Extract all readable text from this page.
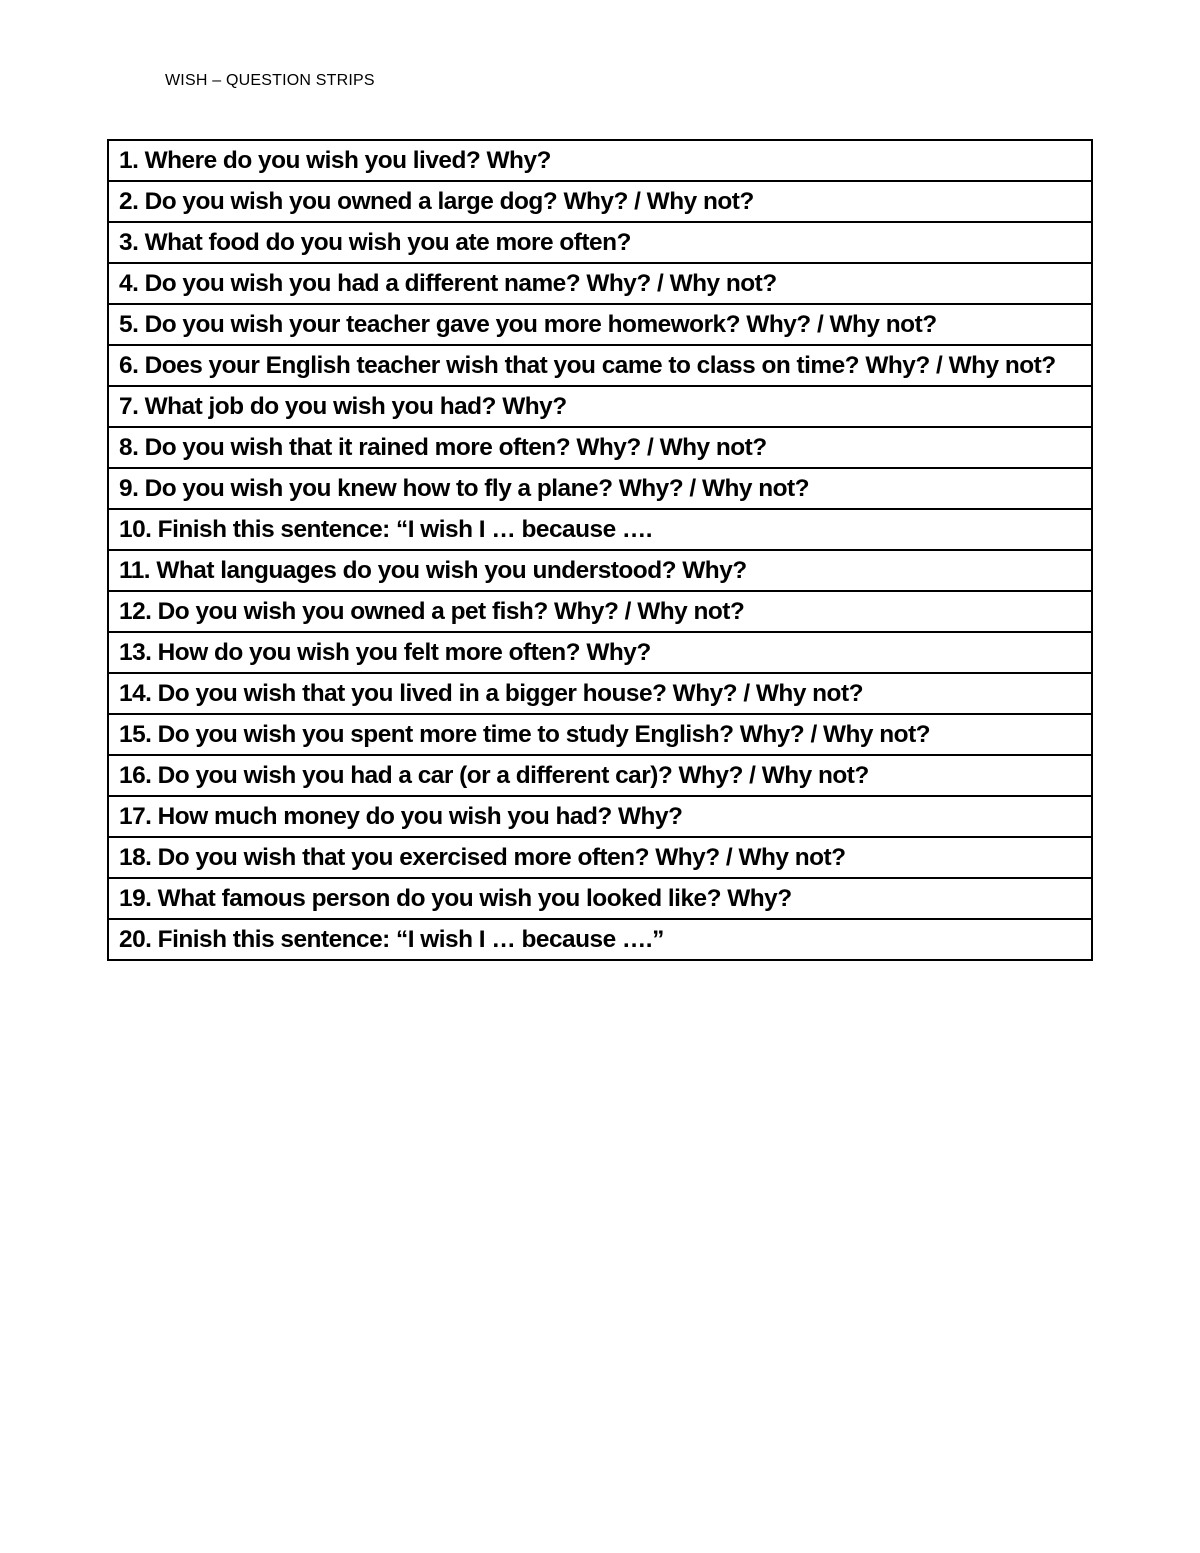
WISH – QUESTION STRIPS
1. Where do you wish you lived? Why?
2. Do you wish you owned a large dog? Why? / Why not?
3. What food do you wish you ate more often?
4. Do you wish you had a different name? Why? / Why not?
5. Do you wish your teacher gave you more homework? Why? / Why not?
6. Does your English teacher wish that you came to class on time? Why? / Why not?
7. What job do you wish you had? Why?
8. Do you wish that it rained more often? Why? / Why not?
9. Do you wish you knew how to fly a plane? Why? / Why not?
10. Finish this sentence: “I wish I … because ….
11. What languages do you wish you understood? Why?
12. Do you wish you owned a pet fish? Why? / Why not?
13. How do you wish you felt more often? Why?
14. Do you wish that you lived in a bigger house? Why? / Why not?
15. Do you wish you spent more time to study English? Why? / Why not?
16. Do you wish you had a car (or a different car)? Why? / Why not?
17. How much money do you wish you had? Why?
18. Do you wish that you exercised more often? Why? / Why not?
19. What famous person do you wish you looked like? Why?
20. Finish this sentence: “I wish I … because ….”
